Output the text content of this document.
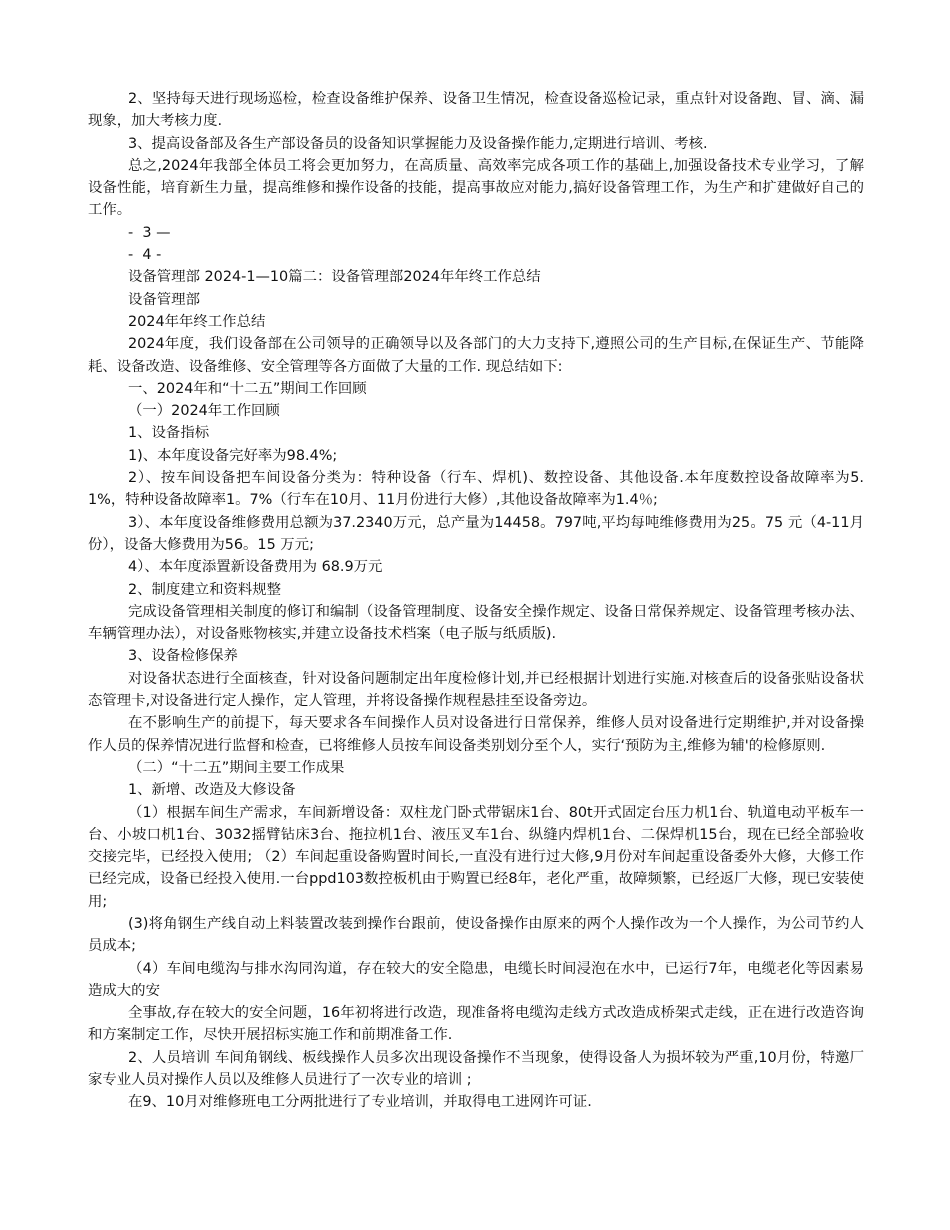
2、坚持每天进行现场巡检，检查设备维护保养、设备卫生情况，检查设备巡检记录，重点针对设备跑、冒、滴、漏现象，加大考核力度.

3、提高设备部及各生产部设备员的设备知识掌握能力及设备操作能力,定期进行培训、考核.

总之,2024年我部全体员工将会更加努力，在高质量、高效率完成各项工作的基础上,加强设备技术专业学习，了解设备性能，培育新生力量，提高维修和操作设备的技能，提高事故应对能力,搞好设备管理工作，为生产和扩建做好自己的工作。

-  3 —

-  4 -

设备管理部 2024-1—10篇二：设备管理部2024年年终工作总结

设备管理部

2024年年终工作总结

2024年度，我们设备部在公司领导的正确领导以及各部门的大力支持下,遵照公司的生产目标,在保证生产、节能降耗、设备改造、设备维修、安全管理等各方面做了大量的工作. 现总结如下:

一、2024年和“十二五”期间工作回顾

（一）2024年工作回顾

1、设备指标

1)、本年度设备完好率为98.4%;

2）、按车间设备把车间设备分类为：特种设备（行车、焊机)、数控设备、其他设备.本年度数控设备故障率为5.1%，特种设备故障率1。7%（行车在10月、11月份进行大修）,其他设备故障率为1.4％;

3）、本年度设备维修费用总额为37.2340万元，总产量为14458。797吨,平均每吨维修费用为25。75 元（4-11月份），设备大修费用为56。15 万元;

4）、本年度添置新设备费用为 68.9万元

2、制度建立和资料规整

完成设备管理相关制度的修订和编制（设备管理制度、设备安全操作规定、设备日常保养规定、设备管理考核办法、车辆管理办法），对设备账物核实,并建立设备技术档案（电子版与纸质版).

3、设备检修保养

对设备状态进行全面核查，针对设备问题制定出年度检修计划,并已经根据计划进行实施.对核查后的设备张贴设备状态管理卡,对设备进行定人操作，定人管理，并将设备操作规程悬挂至设备旁边。

在不影响生产的前提下，每天要求各车间操作人员对设备进行日常保养，维修人员对设备进行定期维护,并对设备操作人员的保养情况进行监督和检查，已将维修人员按车间设备类别划分至个人，实行‘预防为主,维修为辅'的检修原则.

（二）“十二五”期间主要工作成果

1、新增、改造及大修设备

（1）根据车间生产需求，车间新增设备：双柱龙门卧式带锯床1台、80t开式固定台压力机1台、轨道电动平板车一台、小坡口机1台、3032摇臂钻床3台、拖拉机1台、液压叉车1台、纵缝内焊机1台、二保焊机15台，现在已经全部验收交接完毕，已经投入使用; （2）车间起重设备购置时间长,一直没有进行过大修,9月份对车间起重设备委外大修，大修工作已经完成，设备已经投入使用.一台ppd103数控板机由于购置已经8年，老化严重，故障频繁，已经返厂大修，现已安装使用;

(3)将角钢生产线自动上料装置改装到操作台跟前，使设备操作由原来的两个人操作改为一个人操作，为公司节约人员成本;

（4）车间电缆沟与排水沟同沟道，存在较大的安全隐患，电缆长时间浸泡在水中，已运行7年，电缆老化等因素易造成大的安

全事故,存在较大的安全问题，16年初将进行改造，现准备将电缆沟走线方式改造成桥架式走线，正在进行改造咨询和方案制定工作，尽快开展招标实施工作和前期准备工作.

2、人员培训 车间角钢线、板线操作人员多次出现设备操作不当现象，使得设备人为损坏较为严重,10月份，特邀厂家专业人员对操作人员以及维修人员进行了一次专业的培训 ;

在9、10月对维修班电工分两批进行了专业培训，并取得电工进网许可证.
